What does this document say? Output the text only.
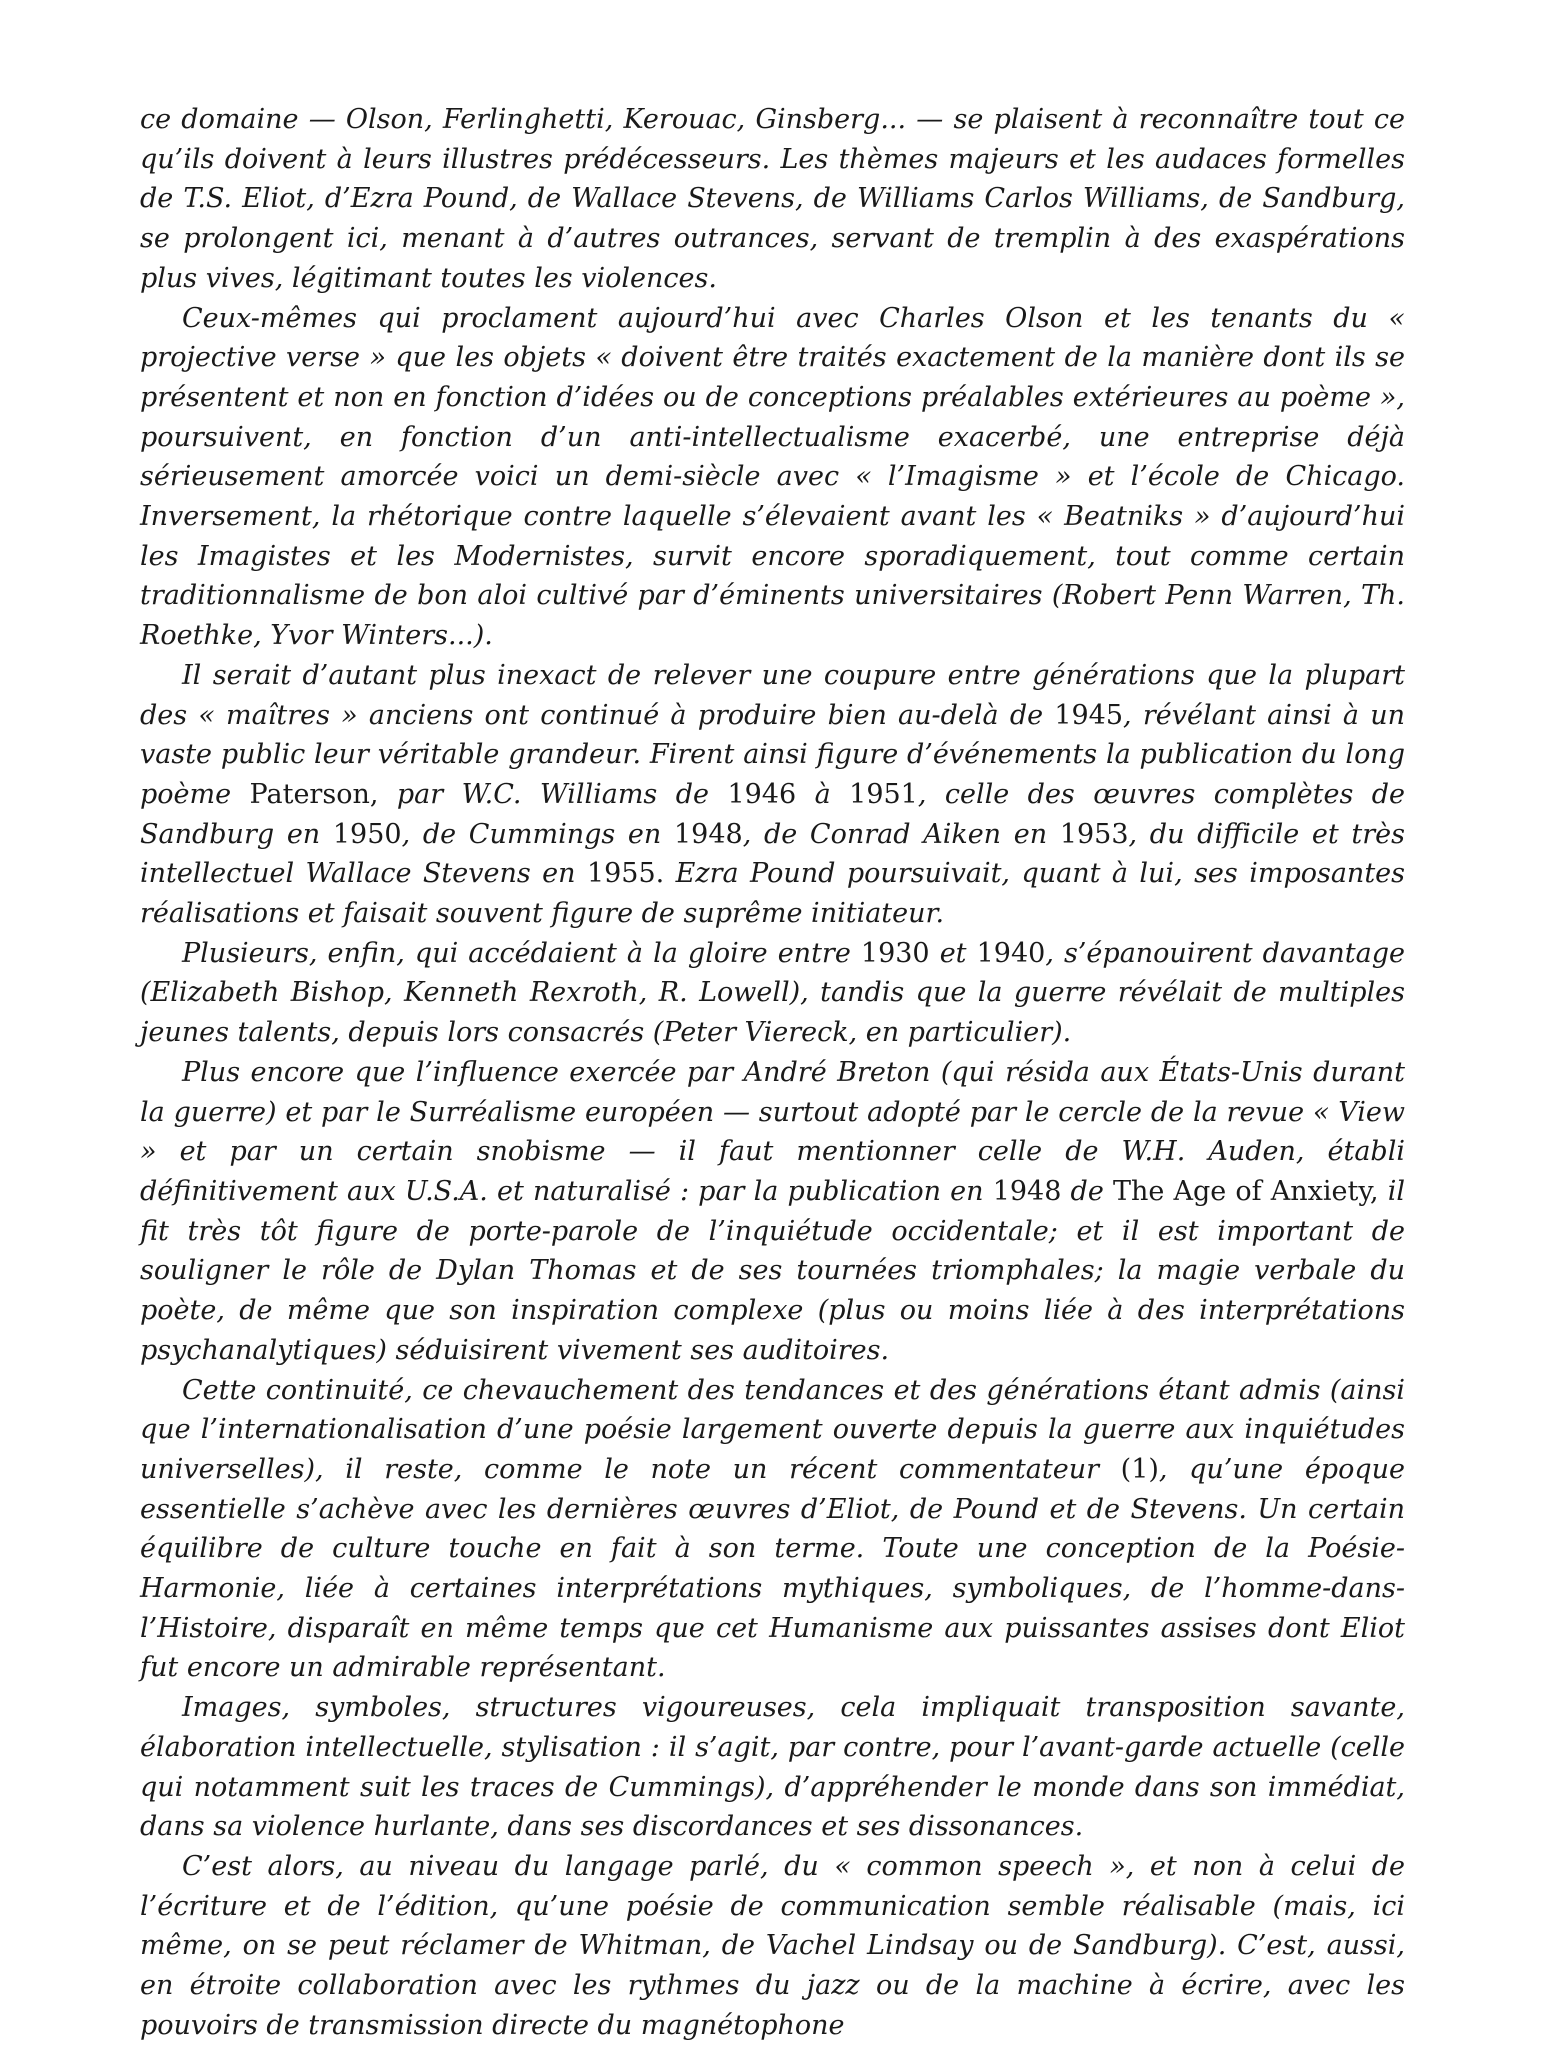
ce domaine — Olson, Ferlinghetti, Kerouac, Ginsberg... — se plaisent à reconnaître tout ce qu’ils doivent à leurs illustres prédécesseurs. Les thèmes majeurs et les audaces formelles de T.S. Eliot, d’Ezra Pound, de Wallace Stevens, de Williams Carlos Williams, de Sandburg, se prolongent ici, menant à d’autres outrances, servant de tremplin à des exaspérations plus vives, légitimant toutes les violences.

Ceux-mêmes qui proclament aujourd’hui avec Charles Olson et les tenants du « projective verse » que les objets « doivent être traités exactement de la manière dont ils se présentent et non en fonction d’idées ou de conceptions préalables extérieures au poème », poursuivent, en fonction d’un anti-intellectualisme exacerbé, une entreprise déjà sérieusement amorcée voici un demi-siècle avec « l’Imagisme » et l’école de Chicago. Inversement, la rhétorique contre laquelle s’élevaient avant les « Beatniks » d’aujourd’hui les Imagistes et les Modernistes, survit encore sporadiquement, tout comme certain traditionnalisme de bon aloi cultivé par d’éminents universitaires (Robert Penn Warren, Th. Roethke, Yvor Winters...).

Il serait d’autant plus inexact de relever une coupure entre générations que la plupart des « maîtres » anciens ont continué à produire bien au-delà de 1945, révélant ainsi à un vaste public leur véritable grandeur. Firent ainsi figure d’événements la publication du long poème Paterson, par W.C. Williams de 1946 à 1951, celle des œuvres complètes de Sandburg en 1950, de Cummings en 1948, de Conrad Aiken en 1953, du difficile et très intellectuel Wallace Stevens en 1955. Ezra Pound poursuivait, quant à lui, ses imposantes réalisations et faisait souvent figure de suprême initiateur.

Plusieurs, enfin, qui accédaient à la gloire entre 1930 et 1940, s’épanouirent davantage (Elizabeth Bishop, Kenneth Rexroth, R. Lowell), tandis que la guerre révélait de multiples jeunes talents, depuis lors consacrés (Peter Viereck, en particulier).

Plus encore que l’influence exercée par André Breton (qui résida aux États-Unis durant la guerre) et par le Surréalisme européen — surtout adopté par le cercle de la revue « View » et par un certain snobisme — il faut mentionner celle de W.H. Auden, établi définitivement aux U.S.A. et naturalisé : par la publication en 1948 de The Age of Anxiety, il fit très tôt figure de porte-parole de l’inquiétude occidentale; et il est important de souligner le rôle de Dylan Thomas et de ses tournées triomphales; la magie verbale du poète, de même que son inspiration complexe (plus ou moins liée à des interprétations psychanalytiques) séduisirent vivement ses auditoires.

Cette continuité, ce chevauchement des tendances et des générations étant admis (ainsi que l’internationalisation d’une poésie largement ouverte depuis la guerre aux inquiétudes universelles), il reste, comme le note un récent commentateur (1), qu’une époque essentielle s’achève avec les dernières œuvres d’Eliot, de Pound et de Stevens. Un certain équilibre de culture touche en fait à son terme. Toute une conception de la Poésie-Harmonie, liée à certaines interprétations mythiques, symboliques, de l’homme-dans-l’Histoire, disparaît en même temps que cet Humanisme aux puissantes assises dont Eliot fut encore un admirable représentant.

Images, symboles, structures vigoureuses, cela impliquait transposition savante, élaboration intellectuelle, stylisation : il s’agit, par contre, pour l’avant-garde actuelle (celle qui notamment suit les traces de Cummings), d’appréhender le monde dans son immédiat, dans sa violence hurlante, dans ses discordances et ses dissonances.

C’est alors, au niveau du langage parlé, du « common speech », et non à celui de l’écriture et de l’édition, qu’une poésie de communication semble réalisable (mais, ici même, on se peut réclamer de Whitman, de Vachel Lindsay ou de Sandburg). C’est, aussi, en étroite collaboration avec les rythmes du jazz ou de la machine à écrire, avec les pouvoirs de transmission directe du magnétophone
